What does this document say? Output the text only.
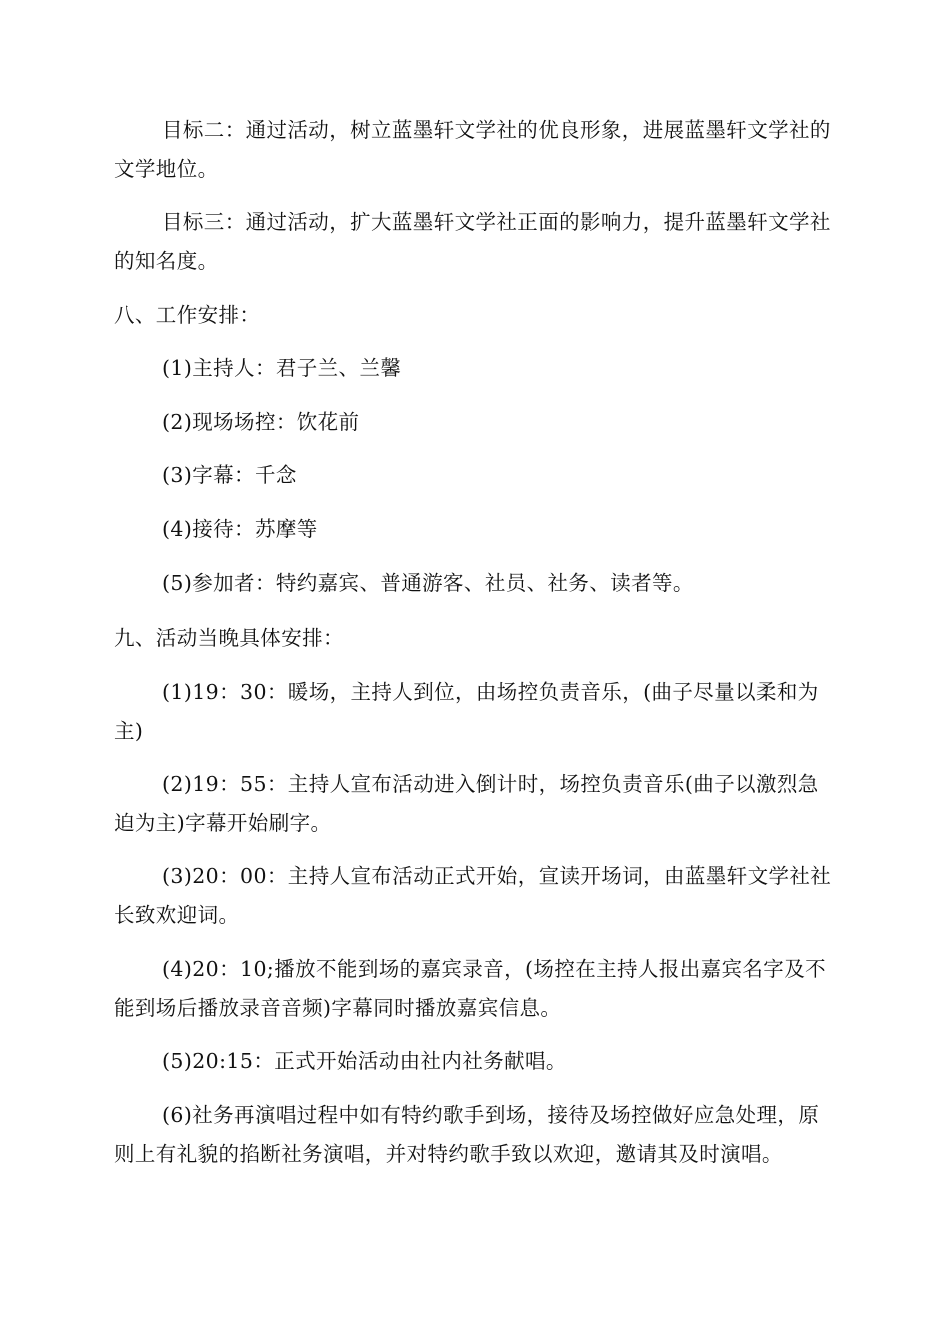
目标二：通过活动，树立蓝墨轩文学社的优良形象，进展蓝墨轩文学社的文学地位。

目标三：通过活动，扩大蓝墨轩文学社正面的影响力，提升蓝墨轩文学社的知名度。

八、工作安排：

(1)主持人：君子兰、兰馨

(2)现场场控：饮花前

(3)字幕：千念

(4)接待：苏摩等

(5)参加者：特约嘉宾、普通游客、社员、社务、读者等。

九、活动当晚具体安排：

(1)19：30：暖场，主持人到位，由场控负责音乐，(曲子尽量以柔和为主)

(2)19：55：主持人宣布活动进入倒计时，场控负责音乐(曲子以激烈急迫为主)字幕开始刷字。

(3)20：00：主持人宣布活动正式开始，宣读开场词，由蓝墨轩文学社社长致欢迎词。

(4)20：10;播放不能到场的嘉宾录音，(场控在主持人报出嘉宾名字及不能到场后播放录音音频)字幕同时播放嘉宾信息。

(5)20:15：正式开始活动由社内社务献唱。

(6)社务再演唱过程中如有特约歌手到场，接待及场控做好应急处理，原则上有礼貌的掐断社务演唱，并对特约歌手致以欢迎，邀请其及时演唱。
